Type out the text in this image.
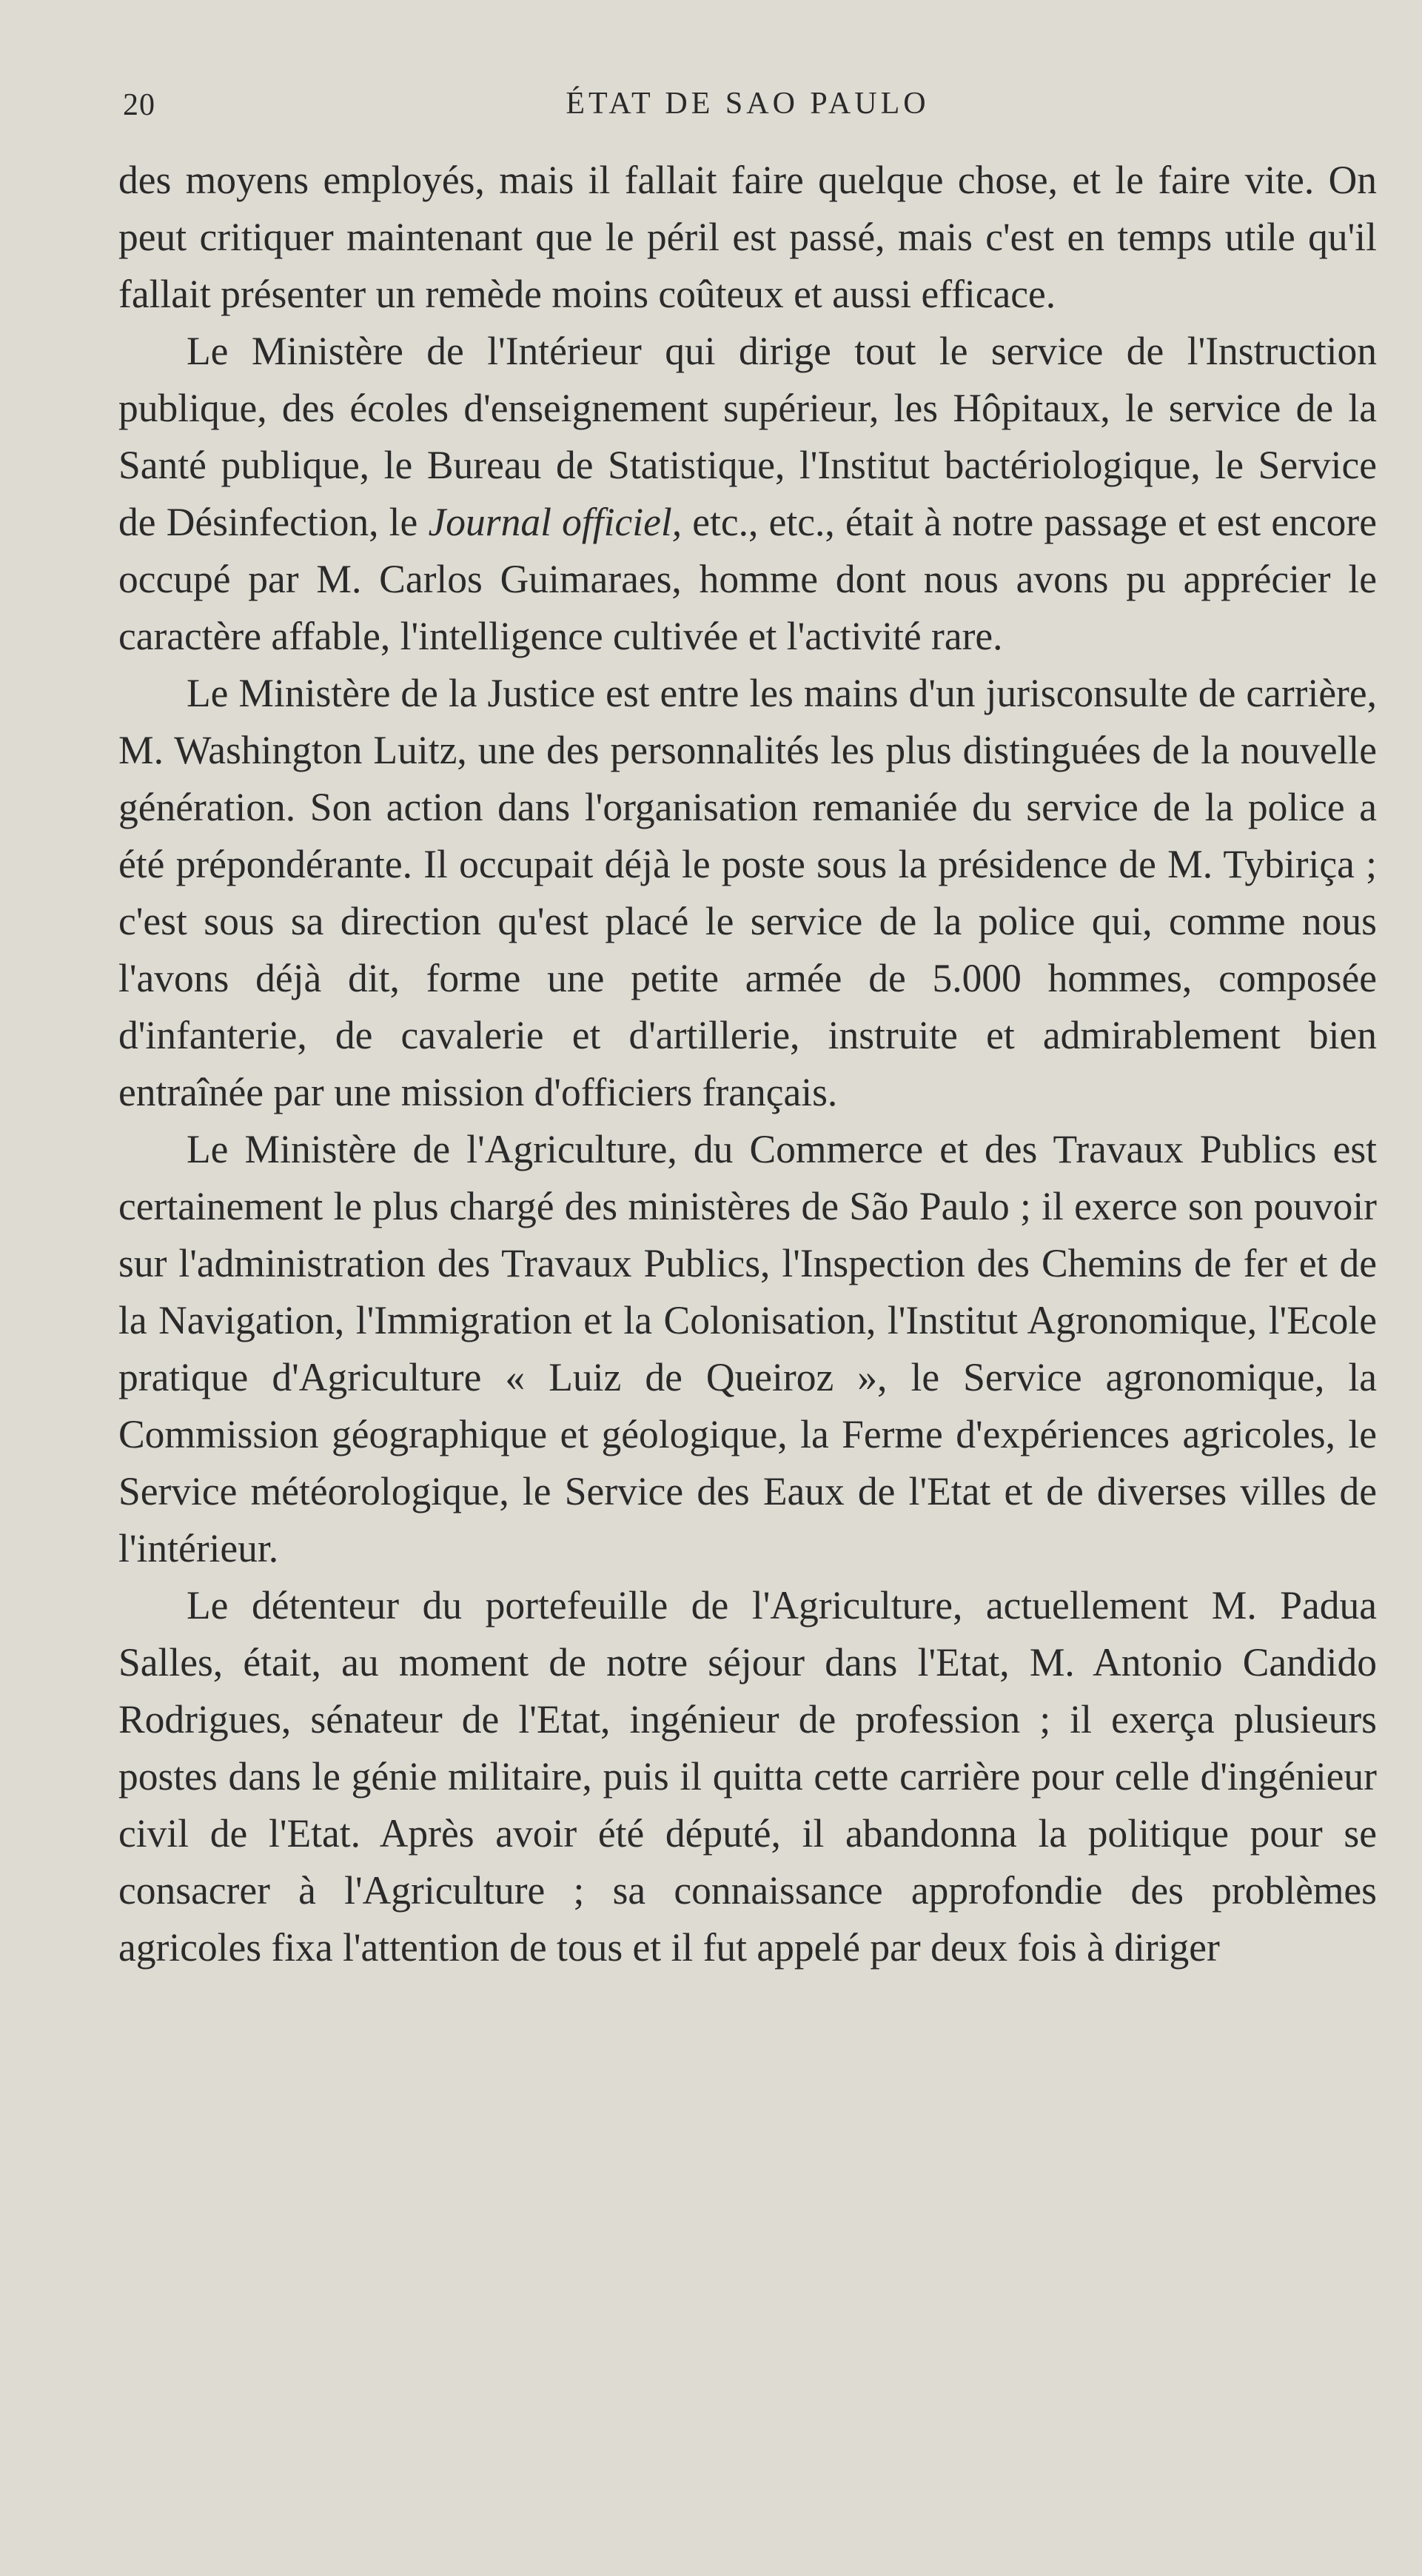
20	ÉTAT DE SAO PAULO

des moyens employés, mais il fallait faire quelque chose, et le faire vite. On peut critiquer maintenant que le péril est passé, mais c'est en temps utile qu'il fallait présenter un remède moins coûteux et aussi efficace.

Le Ministère de l'Intérieur qui dirige tout le service de l'Instruction publique, des écoles d'enseignement supérieur, les Hôpitaux, le service de la Santé publique, le Bureau de Statistique, l'Institut bactériologique, le Service de Désinfection, le Journal officiel, etc., etc., était à notre passage et est encore occupé par M. Carlos Guimaraes, homme dont nous avons pu apprécier le caractère affable, l'intelligence cultivée et l'activité rare.

Le Ministère de la Justice est entre les mains d'un jurisconsulte de carrière, M. Washington Luitz, une des personnalités les plus distinguées de la nouvelle génération. Son action dans l'organisation remaniée du service de la police a été prépondérante. Il occupait déjà le poste sous la présidence de M. Tybiriça ; c'est sous sa direction qu'est placé le service de la police qui, comme nous l'avons déjà dit, forme une petite armée de 5.000 hommes, composée d'infanterie, de cavalerie et d'artillerie, instruite et admirablement bien entraînée par une mission d'officiers français.

Le Ministère de l'Agriculture, du Commerce et des Travaux Publics est certainement le plus chargé des ministères de São Paulo ; il exerce son pouvoir sur l'administration des Travaux Publics, l'Inspection des Chemins de fer et de la Navigation, l'Immigration et la Colonisation, l'Institut Agronomique, l'Ecole pratique d'Agriculture « Luiz de Queiroz », le Service agronomique, la Commission géographique et géologique, la Ferme d'expériences agricoles, le Service météorologique, le Service des Eaux de l'Etat et de diverses villes de l'intérieur.

Le détenteur du portefeuille de l'Agriculture, actuellement M. Padua Salles, était, au moment de notre séjour dans l'Etat, M. Antonio Candido Rodrigues, sénateur de l'Etat, ingénieur de profession ; il exerça plusieurs postes dans le génie militaire, puis il quitta cette carrière pour celle d'ingénieur civil de l'Etat. Après avoir été député, il abandonna la politique pour se consacrer à l'Agriculture ; sa connaissance approfondie des problèmes agricoles fixa l'attention de tous et il fut appelé par deux fois à diriger
